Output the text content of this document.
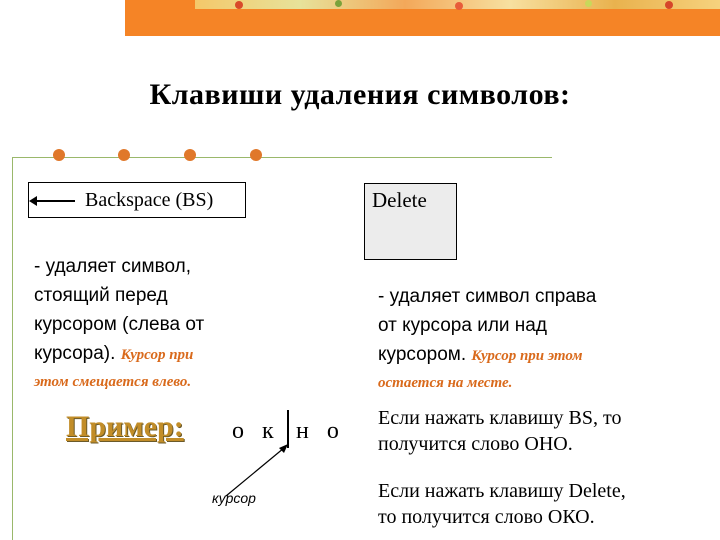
Клавиши удаления символов:
Backspace (BS)	Delete
- удаляет символ,
стоящий перед
курсором (слева от
курсора). Курсор при
этом смещается влево.
- удаляет символ справа
от курсора или над
курсором. Курсор при этом
остается на месте.
Пример: о к н о
курсор
Если нажать клавишу BS, то
получится слово ОНО.
Если нажать клавишу Delete,
то получится слово ОКО.
